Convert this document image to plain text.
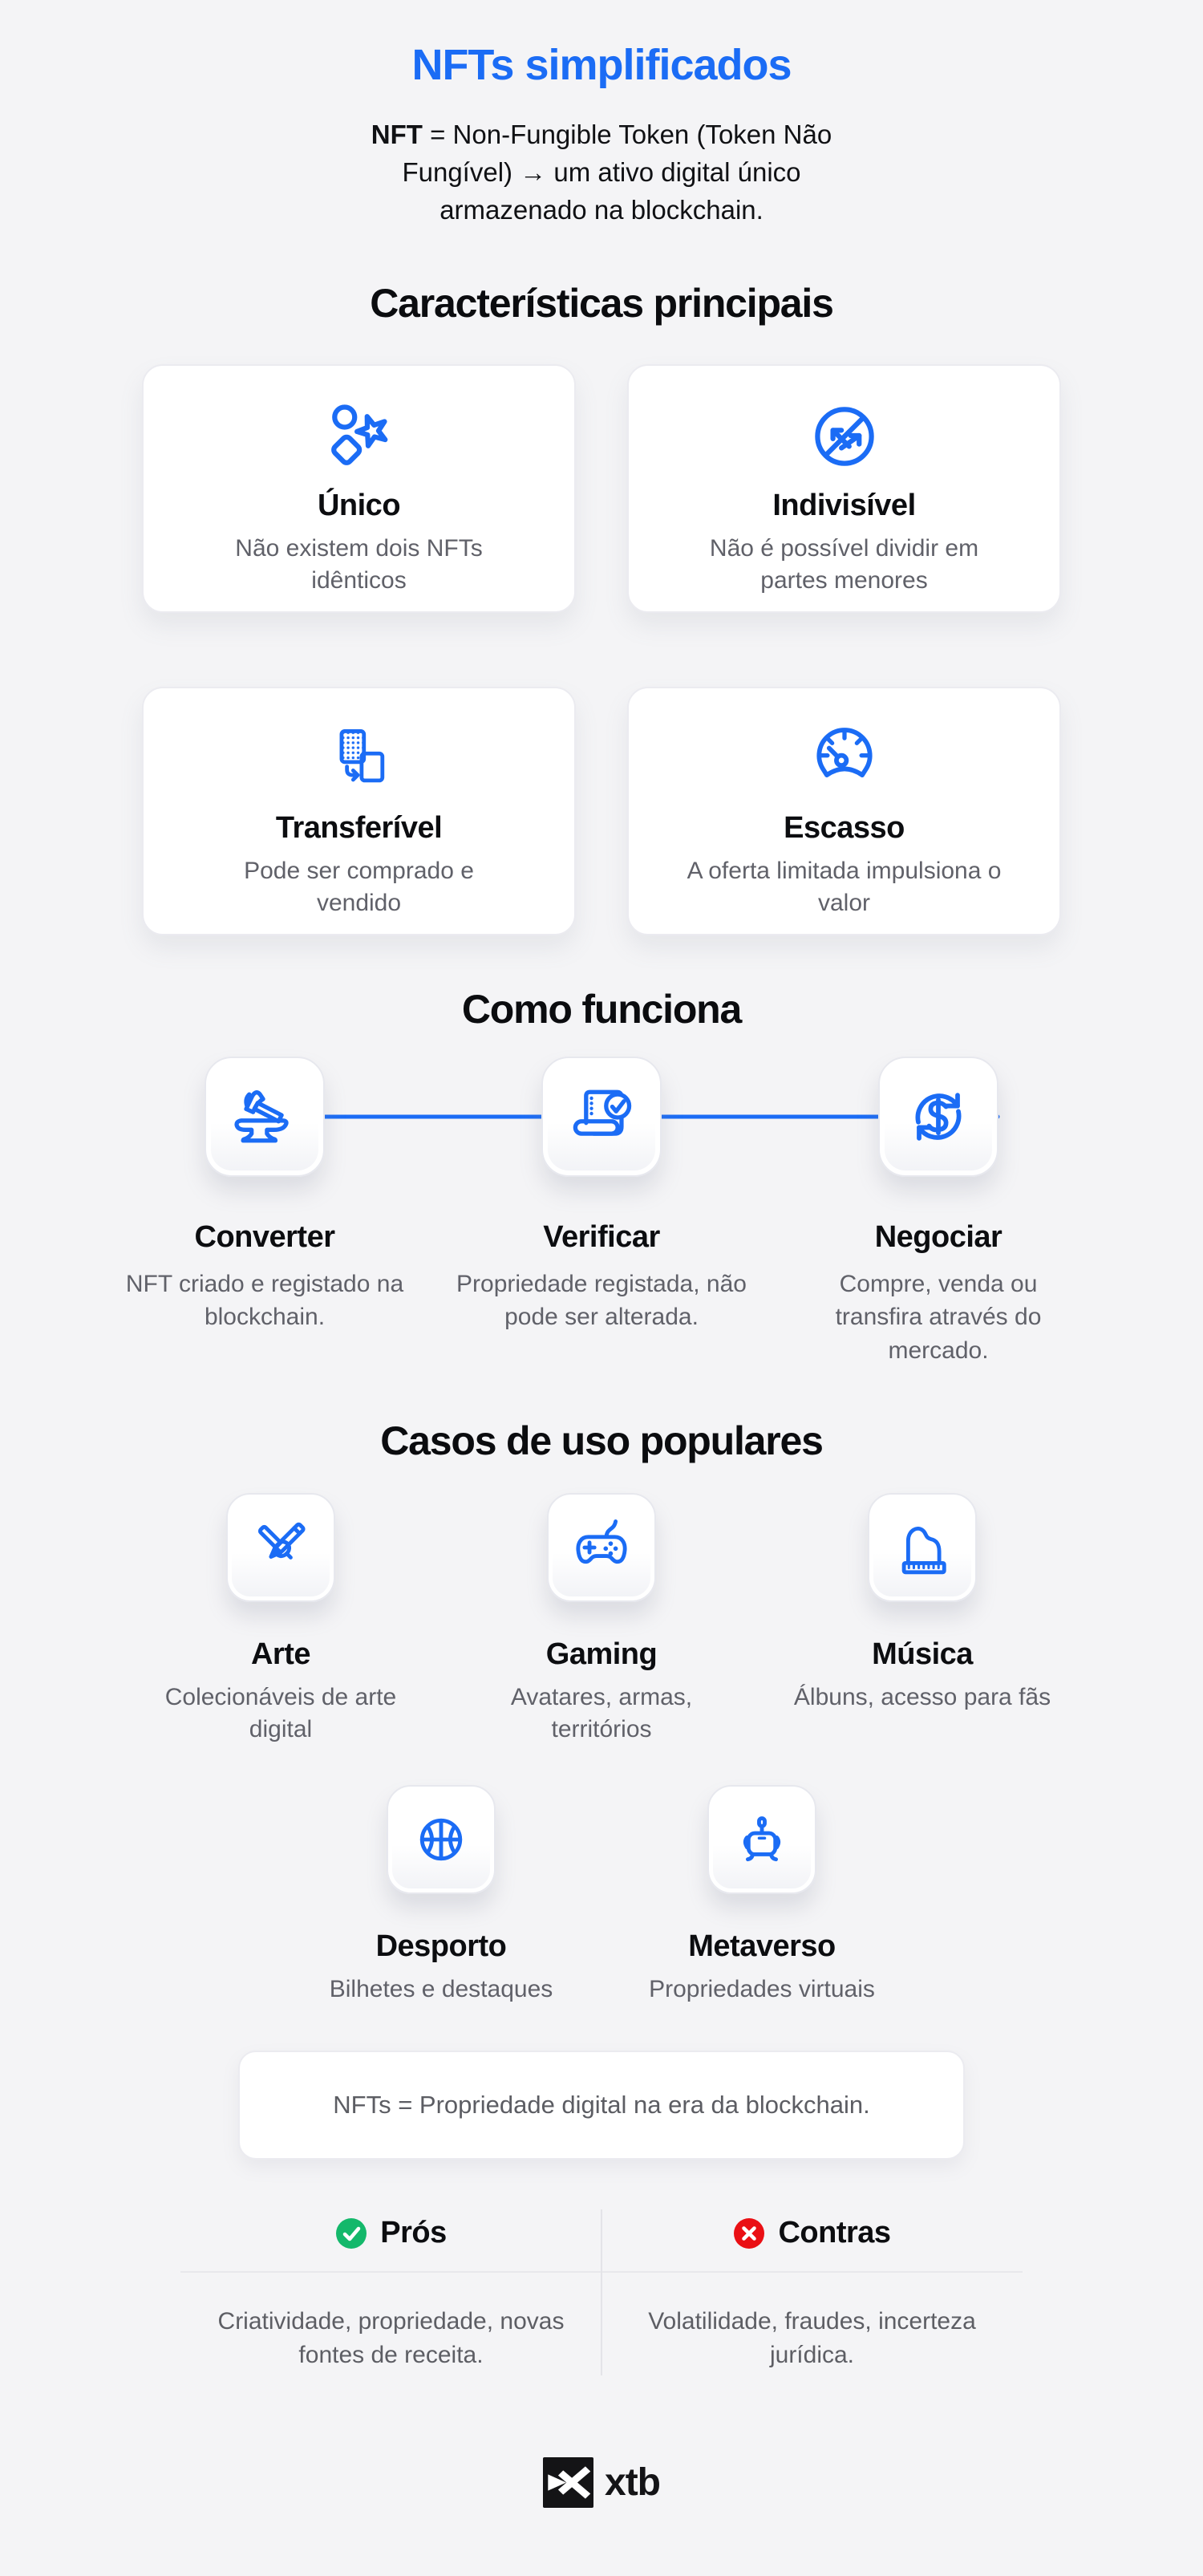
NFTs simplificados
NFT = Non-Fungible Token (Token Não Fungível) → um ativo digital único armazenado na blockchain.
Características principais
Único
Não existem dois NFTs idênticos
Indivisível
Não é possível dividir em partes menores
Transferível
Pode ser comprado e vendido
Escasso
A oferta limitada impulsiona o valor
Como funciona
Converter
NFT criado e registado na blockchain.
Verificar
Propriedade registada, não pode ser alterada.
Negociar
Compre, venda ou transfira através do mercado.
Casos de uso populares
Arte
Colecionáveis de arte digital
Gaming
Avatares, armas, territórios
Música
Álbuns, acesso para fãs
Desporto
Bilhetes e destaques
Metaverso
Propriedades virtuais
NFTs = Propriedade digital na era da blockchain.
Prós
Criatividade, propriedade, novas fontes de receita.
Contras
Volatilidade, fraudes, incerteza jurídica.
xtb
